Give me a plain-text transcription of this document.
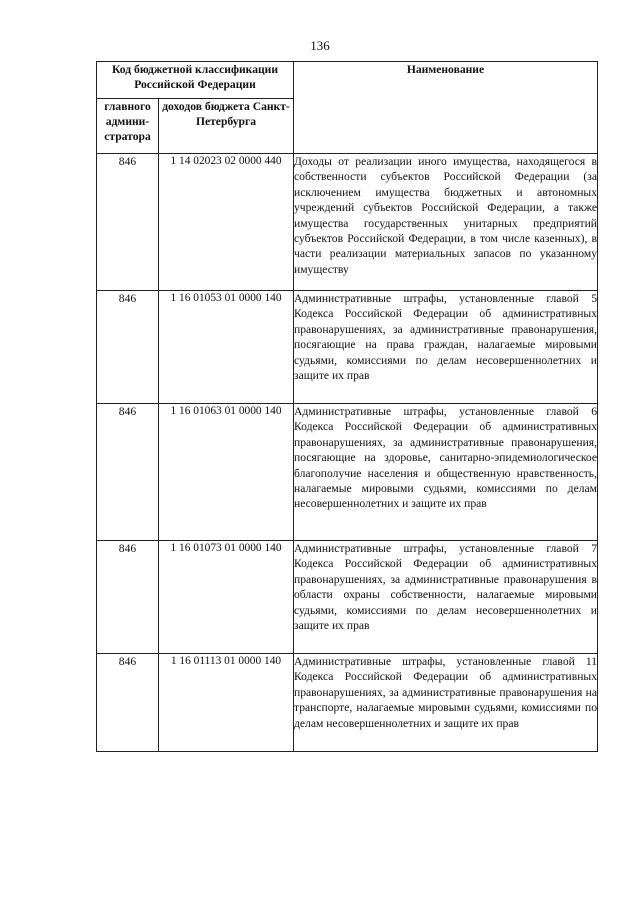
136
Код бюджетной классификации Российской Федерации		Наименование
главного админи-стратора	доходов бюджета Санкт-Петербурга	
846	1 14 02023 02 0000 440	Доходы от реализации иного имущества, находящегося в собственности субъектов Российской Федерации (за исключением имущества бюджетных и автономных учреждений субъектов Российской Федерации, а также имущества государственных унитарных предприятий субъектов Российской Федерации, в том числе казенных), в части реализации материальных запасов по указанному имуществу
846	1 16 01053 01 0000 140	Административные штрафы, установленные главой 5 Кодекса Российской Федерации об административных правонарушениях, за административные правонарушения, посягающие на права граждан, налагаемые мировыми судьями, комиссиями по делам несовершеннолетних и защите их прав
846	1 16 01063 01 0000 140	Административные штрафы, установленные главой 6 Кодекса Российской Федерации об административных правонарушениях, за административные правонарушения, посягающие на здоровье, санитарно-эпидемиологическое благополучие населения и общественную нравственность, налагаемые мировыми судьями, комиссиями по делам несовершеннолетних и защите их прав
846	1 16 01073 01 0000 140	Административные штрафы, установленные главой 7 Кодекса Российской Федерации об административных правонарушениях, за административные правонарушения в области охраны собственности, налагаемые мировыми судьями, комиссиями по делам несовершеннолетних и защите их прав
846	1 16 01113 01 0000 140	Административные штрафы, установленные главой 11 Кодекса Российской Федерации об административных правонарушениях, за административные правонарушения на транспорте, налагаемые мировыми судьями, комиссиями по делам несовершеннолетних и защите их прав
